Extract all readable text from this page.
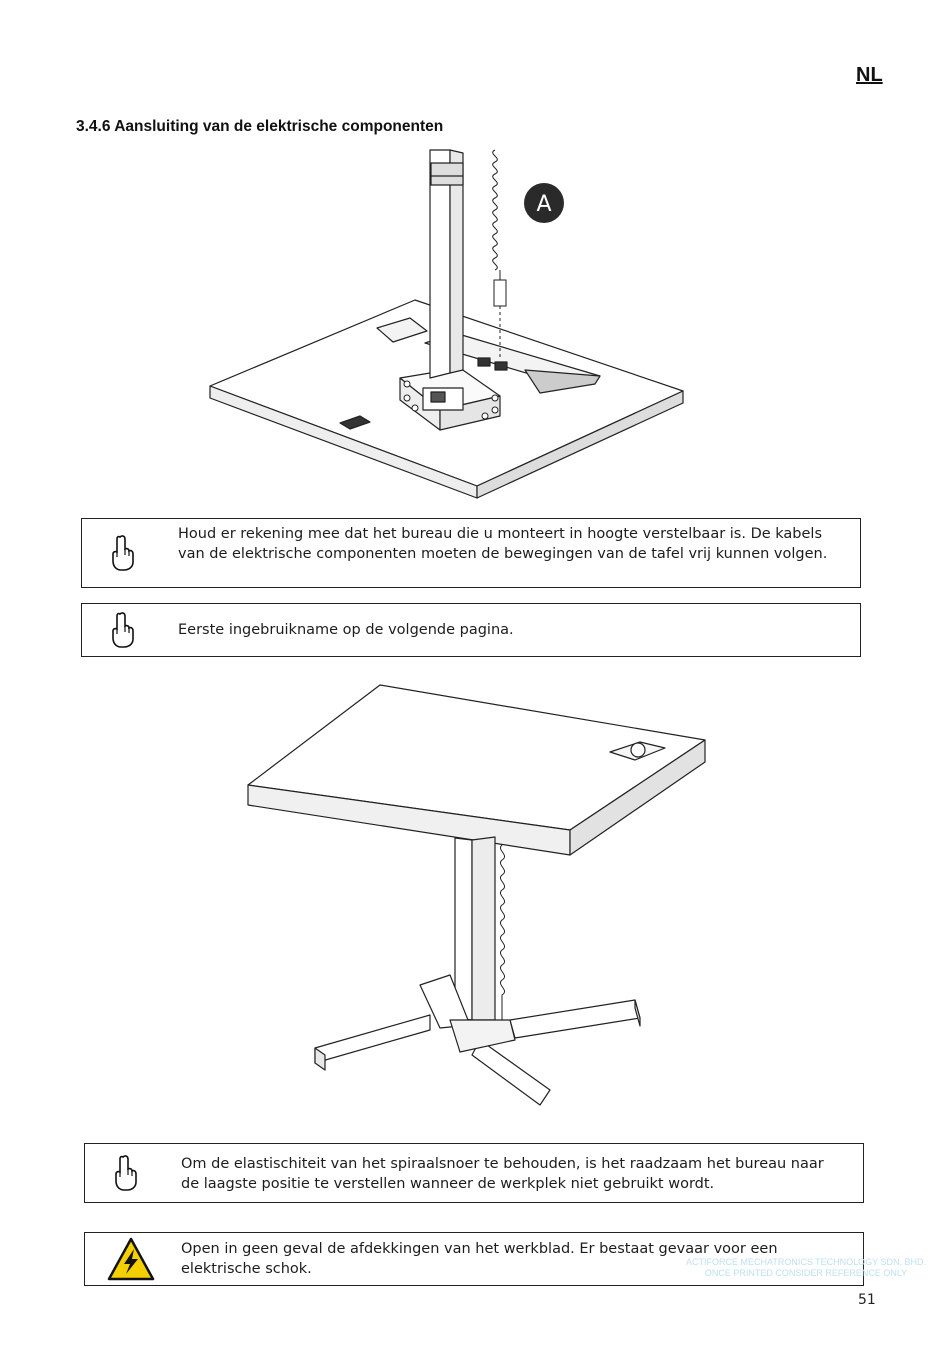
NL
3.4.6 Aansluiting van de elektrische componenten
A
Houd er rekening mee dat het bureau die u monteert in hoogte verstelbaar is. De kabels van de elektrische componenten moeten de bewegingen van de tafel vrij kunnen volgen.
Eerste ingebruikname op de volgende pagina.
Om de elastischiteit van het spiraalsnoer te behouden, is het raadzaam het bureau naar de laagste positie te verstellen wanneer de werkplek niet gebruikt wordt.
Open in geen geval de afdekkingen van het werkblad. Er bestaat gevaar voor een elektrische schok.	ACTIFORCE MECHATRONICS TECHNOLOGY SDN. BHD.
ONCE PRINTED CONSIDER REFERENCE ONLY
51
